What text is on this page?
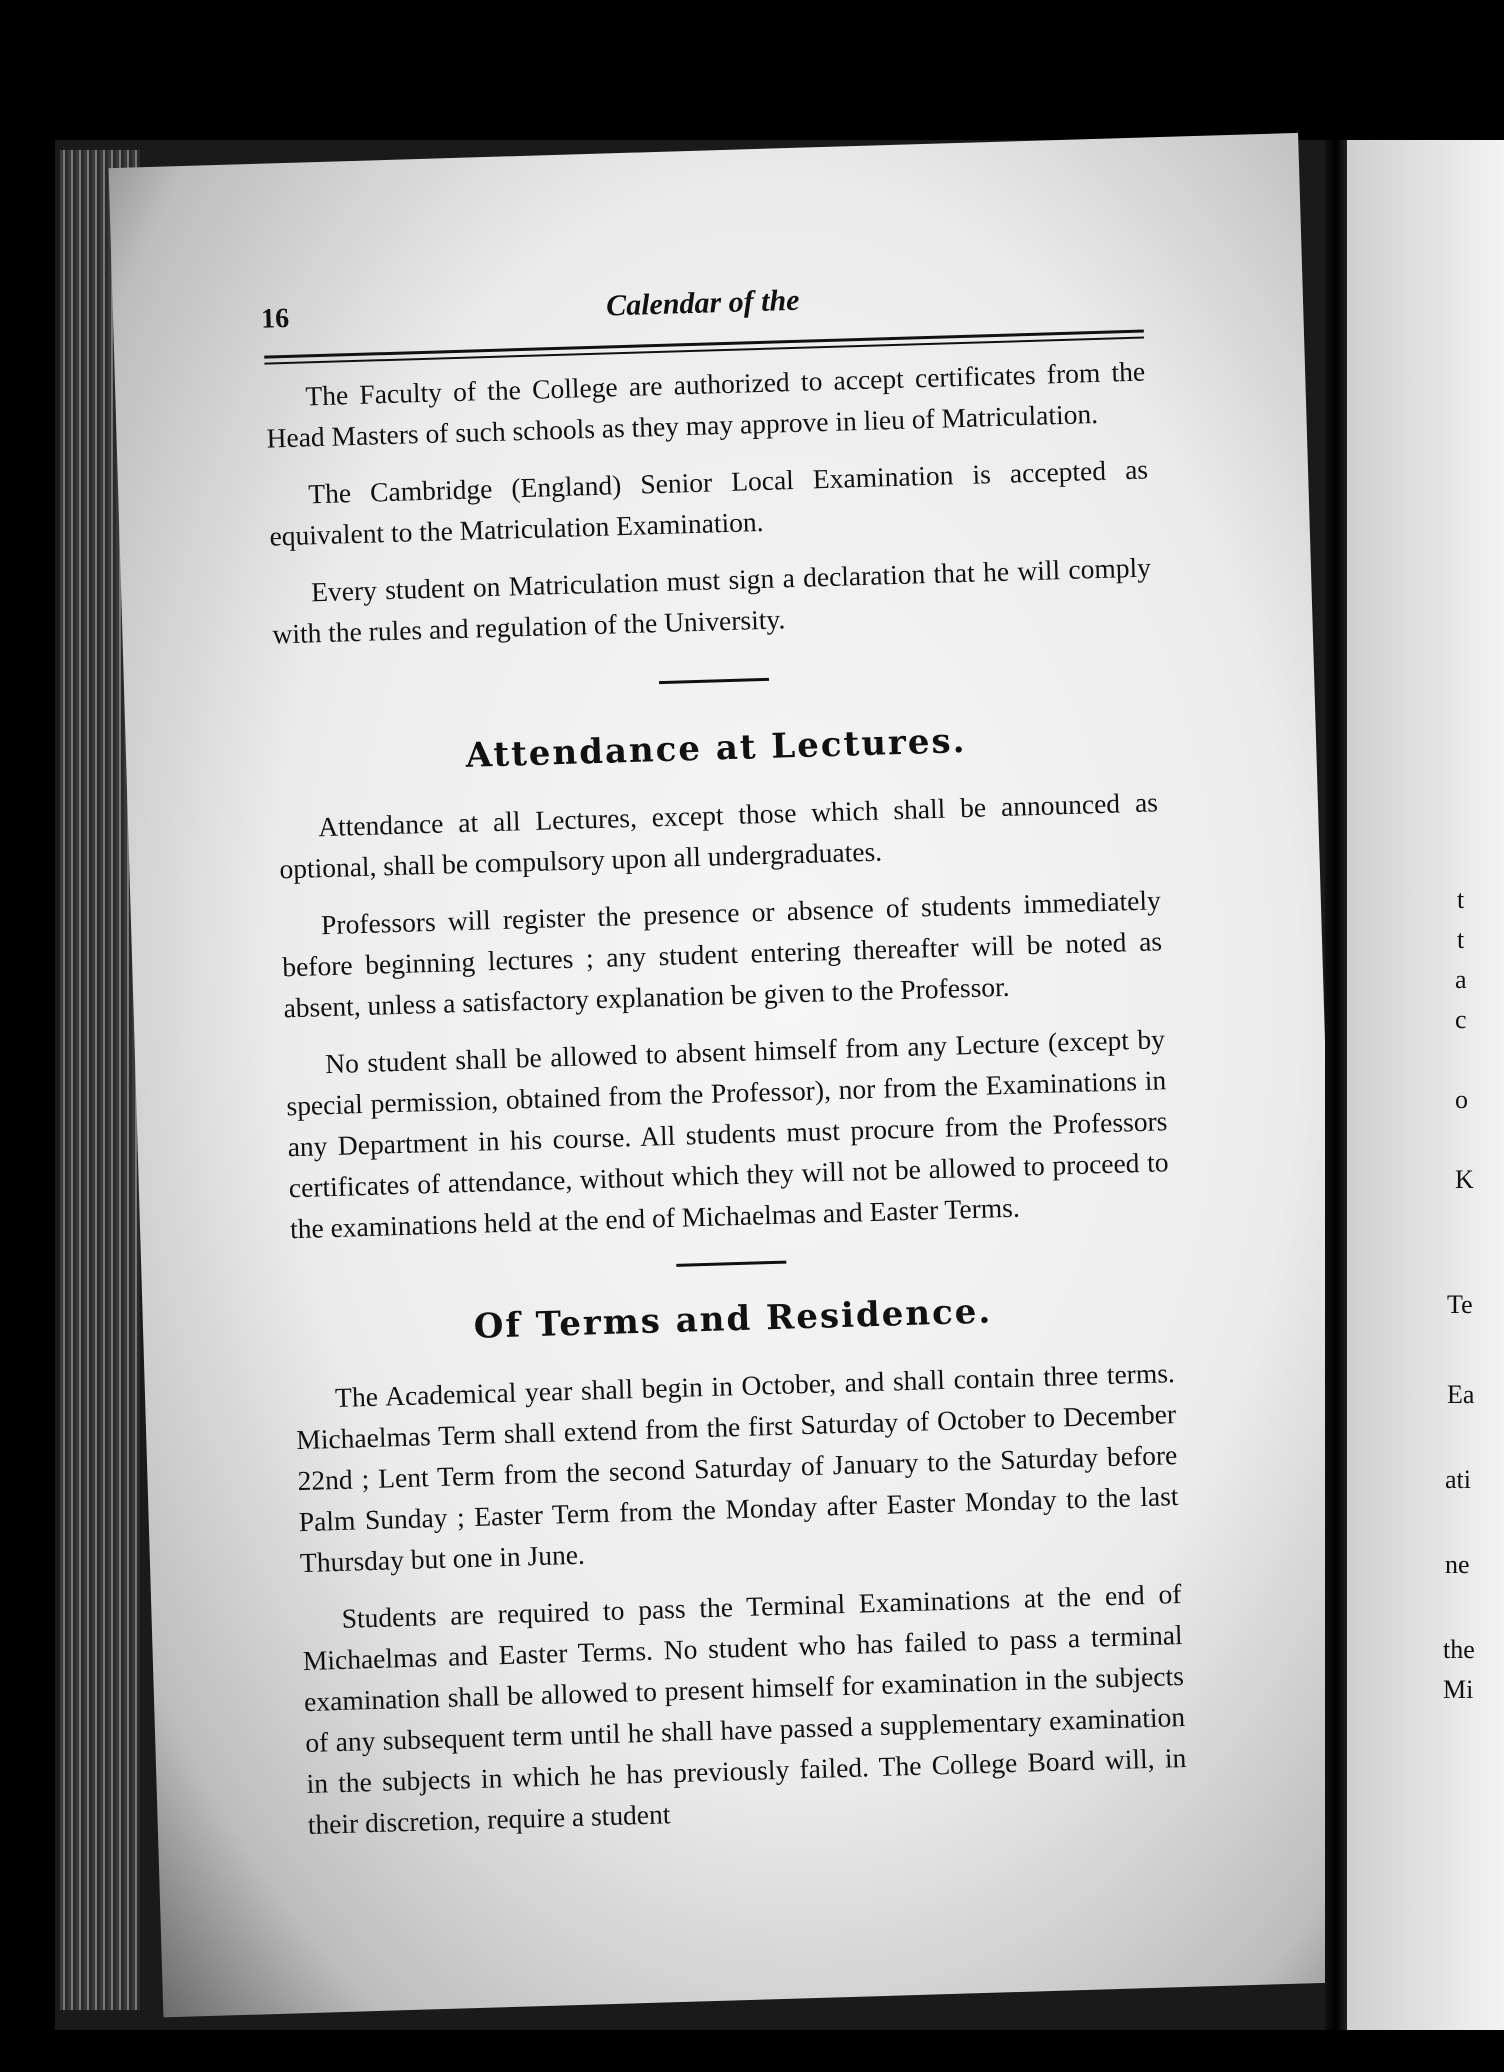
16	Calendar of the

The Faculty of the College are authorized to accept certificates from the Head Masters of such schools as they may approve in lieu of Matriculation.

The Cambridge (England) Senior Local Examination is accepted as equivalent to the Matriculation Examination.

Every student on Matriculation must sign a declaration that he will comply with the rules and regulation of the University.

Attendance at Lectures.

Attendance at all Lectures, except those which shall be announced as optional, shall be compulsory upon all undergraduates.

Professors will register the presence or absence of students immediately before beginning lectures ; any student entering thereafter will be noted as absent, unless a satisfactory explanation be given to the Professor.

No student shall be allowed to absent himself from any Lecture (except by special permission, obtained from the Professor), nor from the Examinations in any Department in his course. All students must procure from the Professors certificates of attendance, without which they will not be allowed to proceed to the examinations held at the end of Michaelmas and Easter Terms.

Of Terms and Residence.

The Academical year shall begin in October, and shall contain three terms. Michaelmas Term shall extend from the first Saturday of October to December 22nd ; Lent Term from the second Saturday of January to the Saturday before Palm Sunday ; Easter Term from the Monday after Easter Monday to the last Thursday but one in June.

Students are required to pass the Terminal Examinations at the end of Michaelmas and Easter Terms. No student who has failed to pass a terminal examination shall be allowed to present himself for examination in the subjects of any subsequent term until he shall have passed a supplementary examination in the subjects in which he has previously failed. The College Board will, in their discretion, require a student

t
t
a
c
o
K
Te
Ea
ati
ne
the
Mi
